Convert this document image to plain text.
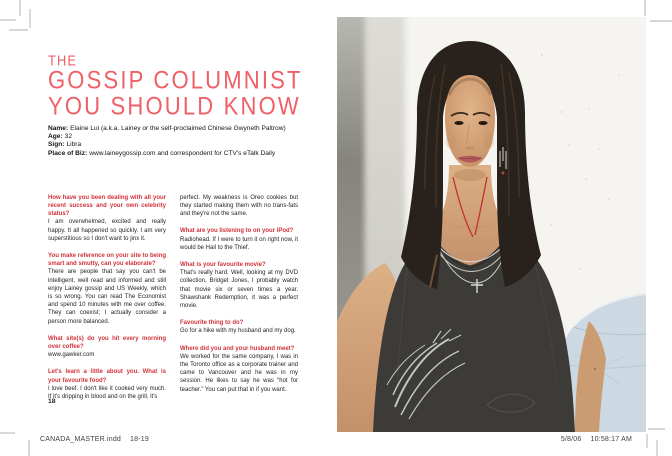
THE
GOSSIP COLUMNIST
YOU SHOULD KNOW
Name: Elaine Lui (a.k.a. Lainey or the self-proclaimed Chinese Gwyneth Paltrow)
Age: 32
Sign: Libra
Place of Biz: www.laineygossip.com and correspondent for CTV's eTalk Daily

How have you been dealing with all your recent success and your own celebrity status?

I am overwhelmed, excited and really happy. It all happened so quickly. I am very superstitious so I don't want to jinx it.

You make reference on your site to being smart and smutty, can you elaborate?

There are people that say you can't be intelligent, well read and informed and still enjoy Lainey gossip and US Weekly, which is so wrong. You can read The Economist and spend 10 minutes with me over coffee. They can coexist; I actually consider a person more balanced.

What site(s) do you hit every morning over coffee?

www.gawker.com

Let's learn a little about you. What is your favourite food?

I love beef. I don't like it cooked very much. If it's dripping in blood and on the grill, it's

perfect. My weakness is Oreo cookies but they started making them with no trans-fats and they're not the same.

What are you listening to on your iPod?

Radiohead. If I were to turn it on right now, it would be Hail to the Thief.

What is your favourite movie?

That's really hard. Well, looking at my DVD collection, Bridget Jones, I probably watch that movie six or seven times a year. Shawshank Redemption, it was a perfect movie.

Favourite thing to do?

Go for a hike with my husband and my dog.

Where did you and your husband meet?

We worked for the same company, I was in the Toronto office as a corporate trainer and came to Vancouver and he was in my session. He likes to say he was “hot for teacher.” You can put that in if you want.

18
CANADA_MASTER.indd 18-19	5/8/06 10:58:17 AM
